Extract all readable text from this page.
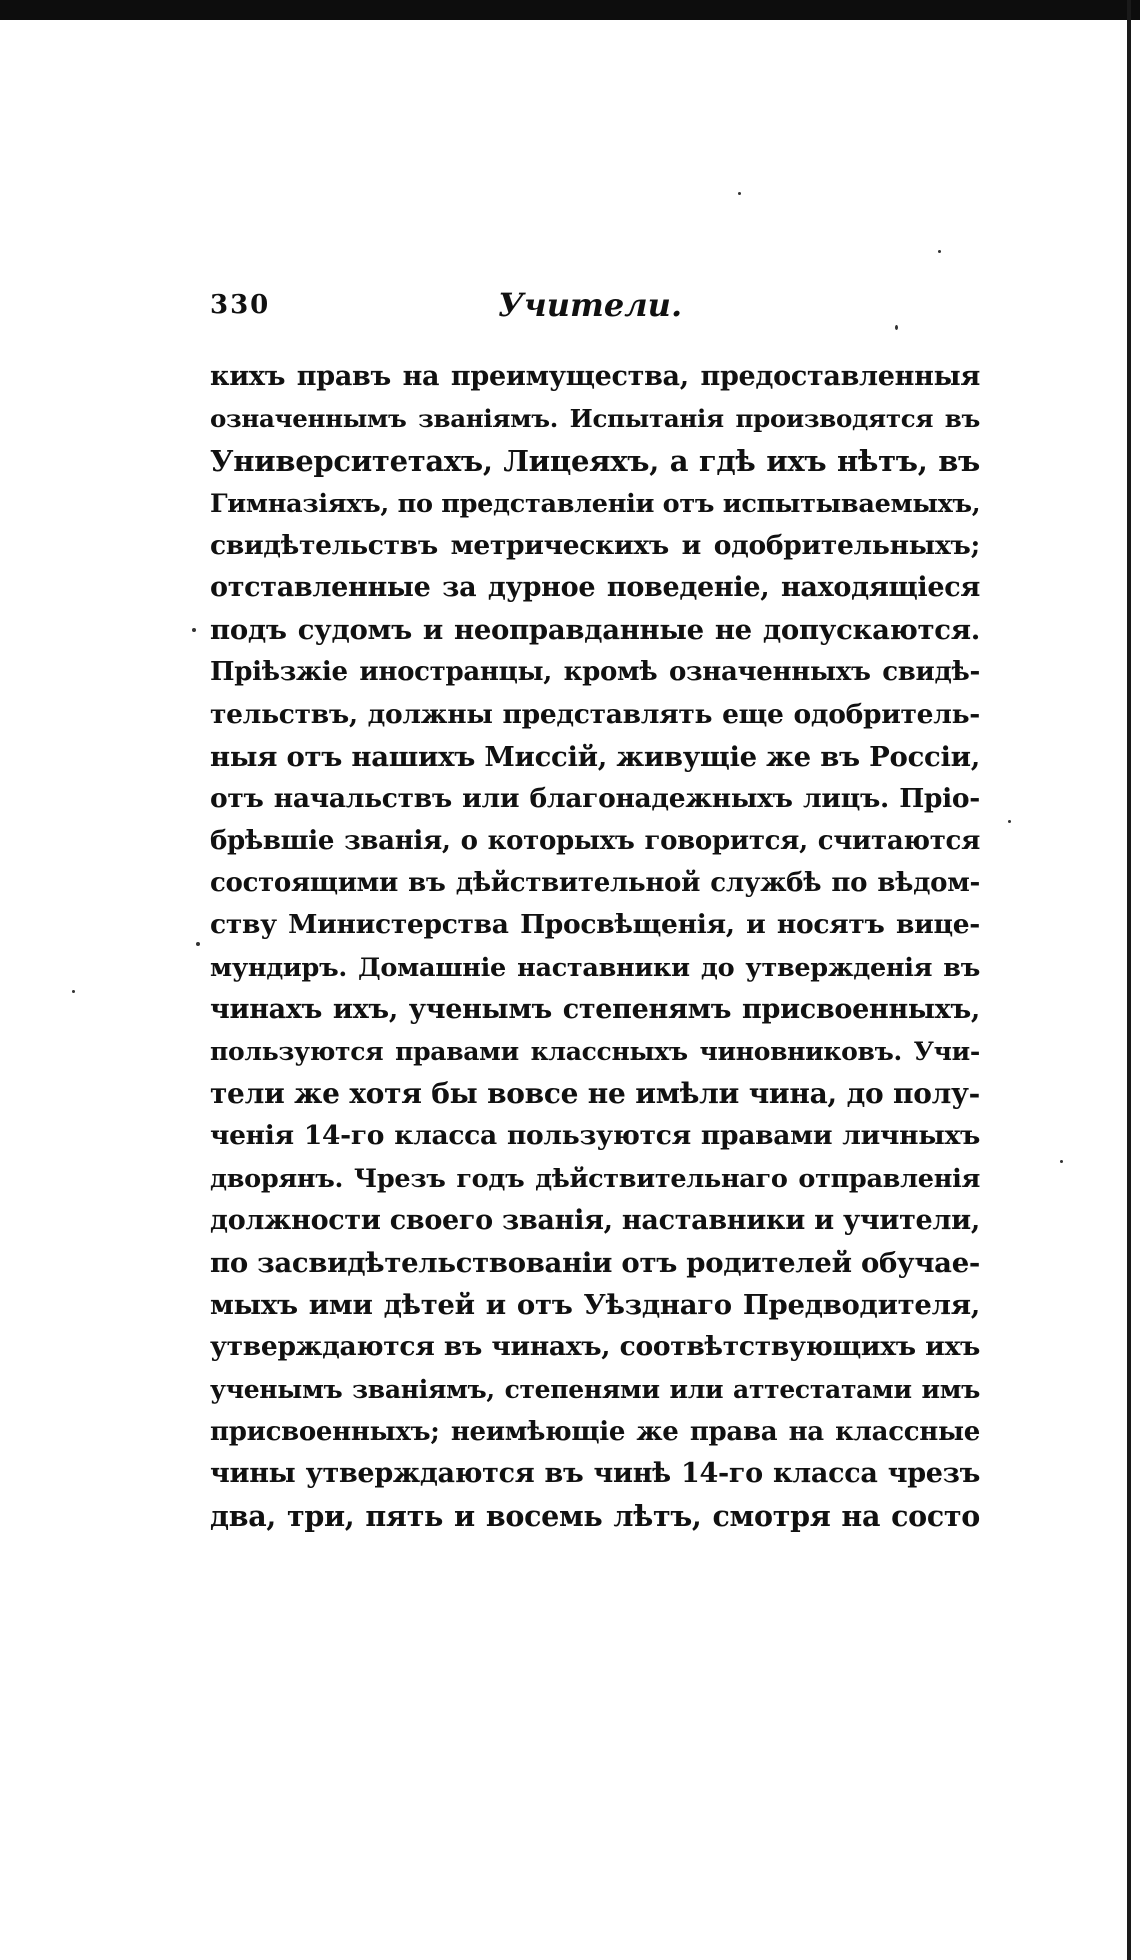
330	Учители.
кихъ правъ на преимущества, предоставленныя
означеннымъ званіямъ. Испытанія производятся въ
Университетахъ, Лицеяхъ, а гдѣ ихъ нѣтъ, въ
Гимназіяхъ, по представленіи отъ испытываемыхъ,
свидѣтельствъ метрическихъ и одобрительныхъ;
отставленные за дурное поведеніе, находящіеся
подъ судомъ и неоправданные не допускаются.
Пріѣзжіе иностранцы, кромѣ означенныхъ свидѣ-
тельствъ, должны представлять еще одобритель-
ныя отъ нашихъ Миссій, живущіе же въ Россіи,
отъ начальствъ или благонадежныхъ лицъ. Пріо-
брѣвшіе званія, о которыхъ говорится, считаются
состоящими въ дѣйствительной службѣ по вѣдом-
ству Министерства Просвѣщенія, и носятъ вице-
мундиръ. Домашніе наставники до утвержденія въ
чинахъ ихъ, ученымъ степенямъ присвоенныхъ,
пользуются правами классныхъ чиновниковъ. Учи-
тели же хотя бы вовсе не имѣли чина, до полу-
ченія 14-го класса пользуются правами личныхъ
дворянъ. Чрезъ годъ дѣйствительнаго отправленія
должности своего званія, наставники и учители,
по засвидѣтельствованіи отъ родителей обучае-
мыхъ ими дѣтей и отъ Уѣзднаго Предводителя,
утверждаются въ чинахъ, соотвѣтствующихъ ихъ
ученымъ званіямъ, степенями или аттестатами имъ
присвоенныхъ; неимѣющіе же права на классные
чины утверждаются въ чинѣ 14-го класса чрезъ
два, три, пять и восемь лѣтъ, смотря на состо
